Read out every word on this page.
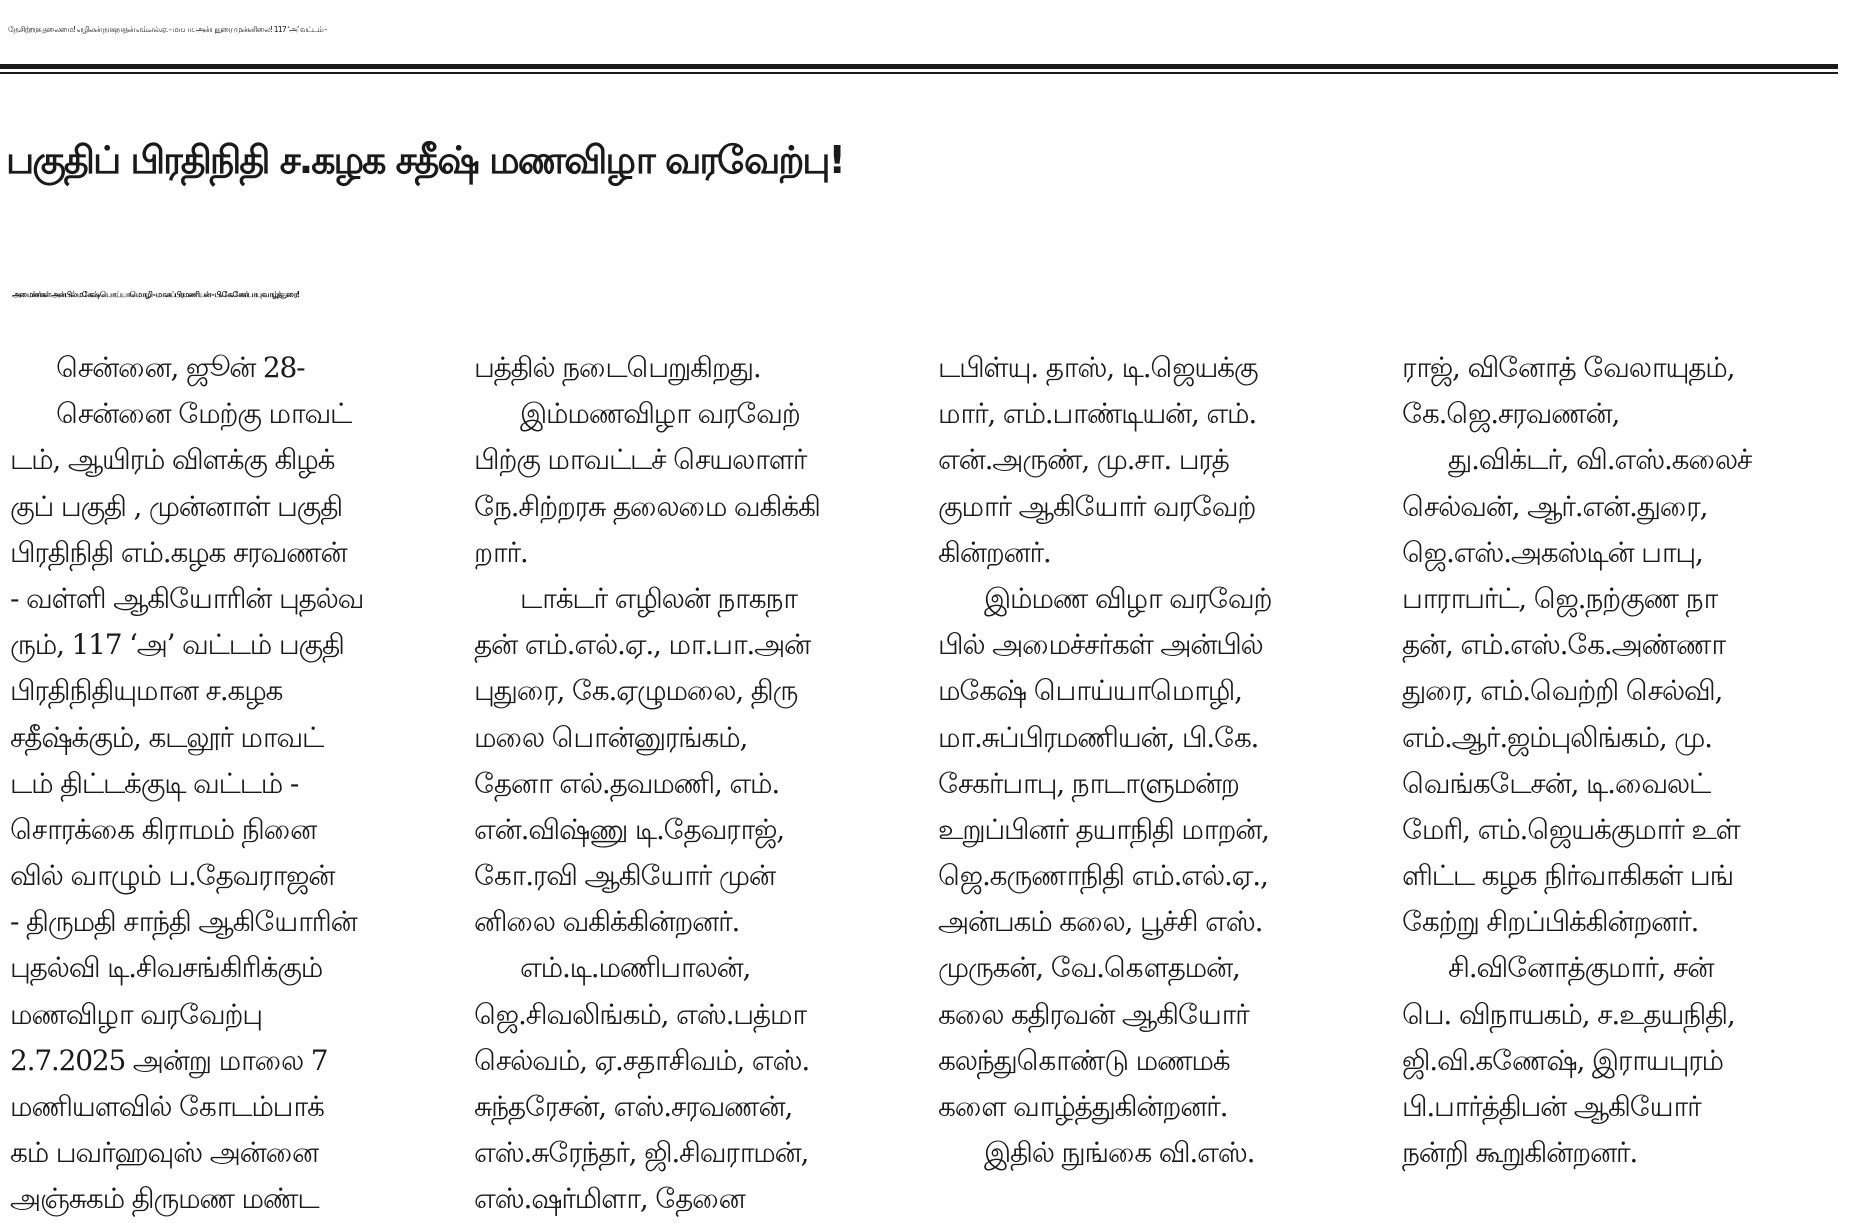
நே.சிற்றரசு தலைமை! எழிலன் நாகநாதன் எம்.எல்.ஏ. - மா.பா. அன்புதுரை முன்னிலை! 117 ‘அ’ வட்டம் -
பகுதிப் பிரதிநிதி ச.கழக சதீஷ் மணவிழா வரவேற்பு!
அமைச்சர்கள் அன்பில் மகேஷ் பொய்யாமொழி - மா.சுப்பிரமணியன் - பி.கே.சேகர்பாபு வாழ்த்துரை!
சென்னை, ஜூன் 28-
சென்னை மேற்கு மாவட்
டம், ஆயிரம் விளக்கு கிழக்
குப் பகுதி , முன்னாள் பகுதி
பிரதிநிதி எம்.கழக சரவணன்
- வள்ளி ஆகியோரின் புதல்வ
ரும், 117 ‘அ’ வட்டம் பகுதி
பிரதிநிதியுமான ச.கழக
சதீஷ்க்கும், கடலூர் மாவட்
டம் திட்டக்குடி வட்டம் -
சொரக்கை கிராமம் நினை
வில் வாழும் ப.தேவராஜன்
- திருமதி சாந்தி ஆகியோரின்
புதல்வி டி.சிவசங்கிரிக்கும்
மணவிழா வரவேற்பு
2.7.2025 அன்று மாலை 7
மணியளவில் கோடம்பாக்
கம் பவர்ஹவுஸ் அன்னை
அஞ்சுகம் திருமண மண்ட
பத்தில் நடைபெறுகிறது.
இம்மணவிழா வரவேற்
பிற்கு மாவட்டச் செயலாளர்
நே.சிற்றரசு தலைமை வகிக்கி
றார்.
டாக்டர் எழிலன் நாகநா
தன் எம்.எல்.ஏ., மா.பா.அன்
புதுரை, கே.ஏழுமலை, திரு
மலை பொன்னுரங்கம்,
தேனா எல்.தவமணி, எம்.
என்.விஷ்ணு டி.தேவராஜ்,
கோ.ரவி ஆகியோர் முன்
னிலை வகிக்கின்றனர்.
எம்.டி.மணிபாலன்,
ஜெ.சிவலிங்கம், எஸ்.பத்மா
செல்வம், ஏ.சதாசிவம், எஸ்.
சுந்தரேசன், எஸ்.சரவணன்,
எஸ்.சுரேந்தர், ஜி.சிவராமன்,
எஸ்.ஷர்மிளா, தேனை
டபிள்யு. தாஸ், டி.ஜெயக்கு
மார், எம்.பாண்டியன், எம்.
என்.அருண், மு.சா. பரத்
குமார் ஆகியோர் வரவேற்
கின்றனர்.
இம்மண விழா வரவேற்
பில் அமைச்சர்கள் அன்பில்
மகேஷ் பொய்யாமொழி,
மா.சுப்பிரமணியன், பி.கே.
சேகர்பாபு, நாடாளுமன்ற
உறுப்பினர் தயாநிதி மாறன்,
ஜெ.கருணாநிதி எம்.எல்.ஏ.,
அன்பகம் கலை, பூச்சி எஸ்.
முருகன், வே.கௌதமன்,
கலை கதிரவன் ஆகியோர்
கலந்துகொண்டு மணமக்
களை வாழ்த்துகின்றனர்.
இதில் நுங்கை வி.எஸ்.
ராஜ், வினோத் வேலாயுதம்,
கே.ஜெ.சரவணன்,
து.விக்டர், வி.எஸ்.கலைச்
செல்வன், ஆர்.என்.துரை,
ஜெ.எஸ்.அகஸ்டின் பாபு,
பாராபர்ட், ஜெ.நற்குண நா
தன், எம்.எஸ்.கே.அண்ணா
துரை, எம்.வெற்றி செல்வி,
எம்.ஆர்.ஜம்புலிங்கம், மு.
வெங்கடேசன், டி.வைலட்
மேரி, எம்.ஜெயக்குமார் உள்
ளிட்ட கழக நிர்வாகிகள் பங்
கேற்று சிறப்பிக்கின்றனர்.
சி.வினோத்குமார், சன்
பெ. விநாயகம், ச.உதயநிதி,
ஜி.வி.கணேஷ், இராயபுரம்
பி.பார்த்திபன் ஆகியோர்
நன்றி கூறுகின்றனர்.
